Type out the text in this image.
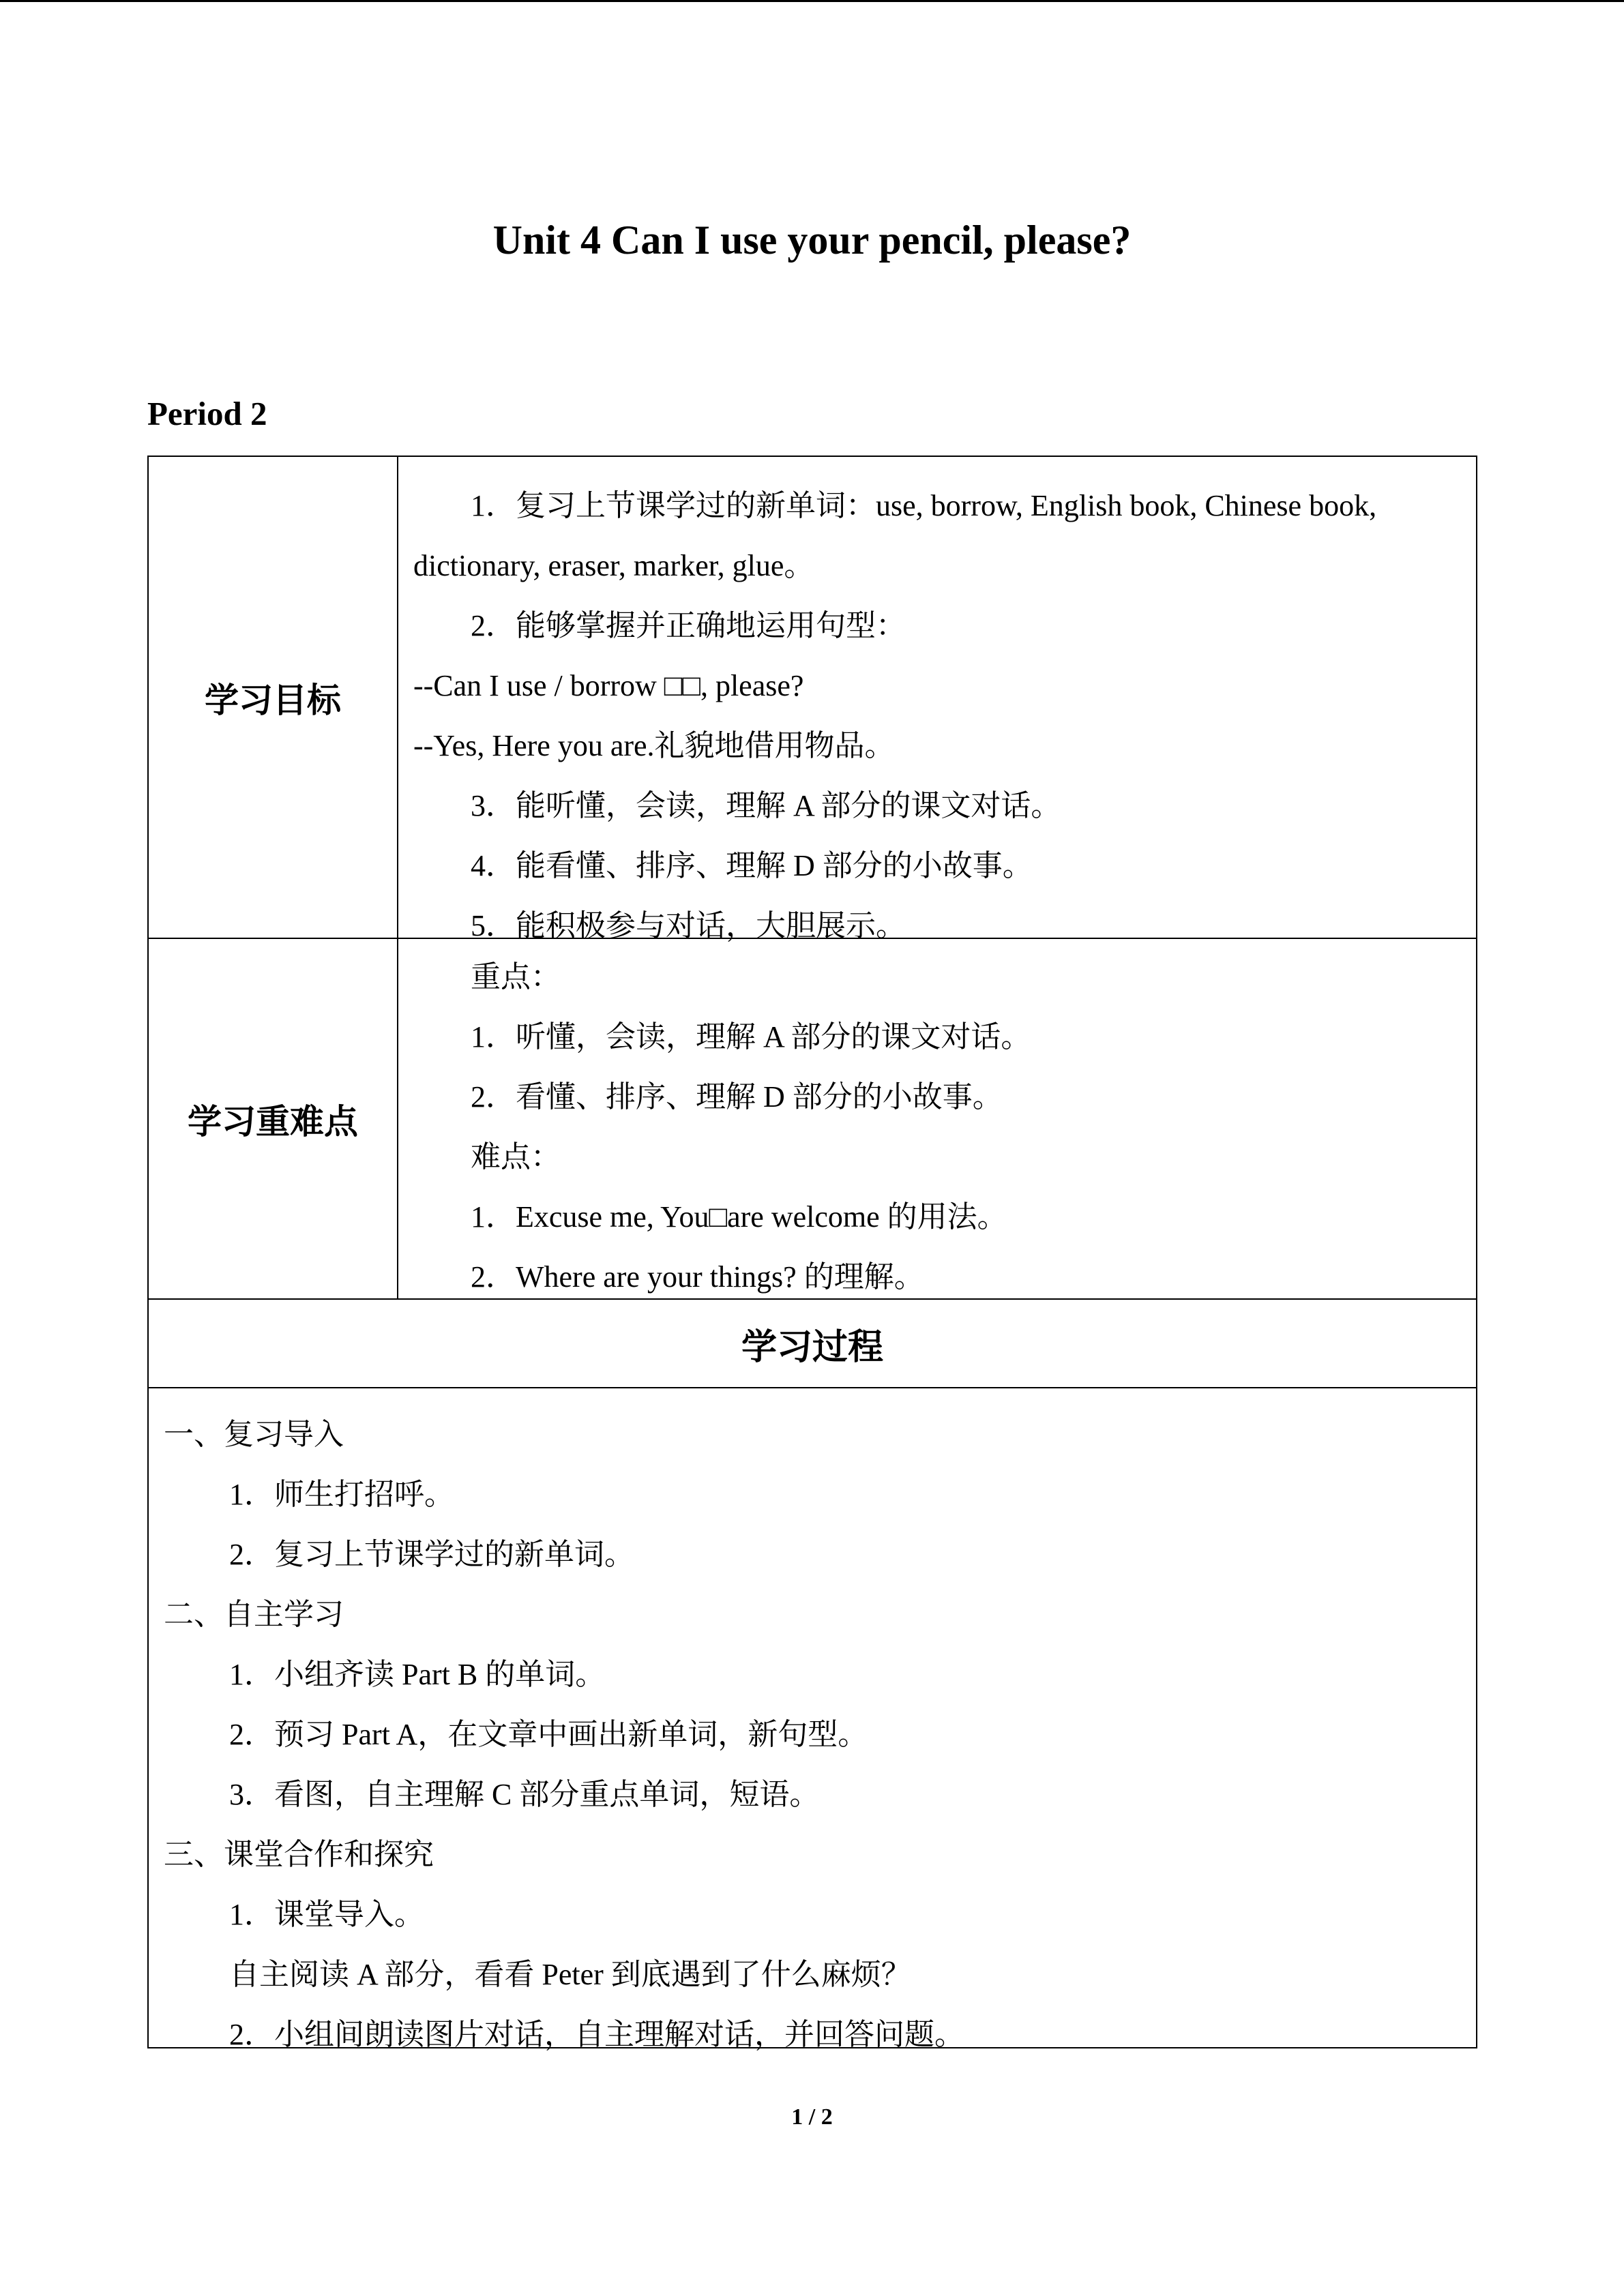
Unit 4 Can I use your pencil, please?
Period 2
学习目标
1．复习上节课学过的新单词：use, borrow, English book, Chinese book,
dictionary, eraser, marker, glue。
2．能够掌握并正确地运用句型：
--Can I use / borrow □□, please?
--Yes, Here you are.礼貌地借用物品。
3．能听懂，会读，理解 A 部分的课文对话。
4．能看懂、排序、理解 D 部分的小故事。
5．能积极参与对话，大胆展示。
学习重难点
重点：
1．听懂，会读，理解 A 部分的课文对话。
2．看懂、排序、理解 D 部分的小故事。
难点：
1．Excuse me, You□are welcome 的用法。
2．Where are your things? 的理解。
学习过程
一、复习导入
1．师生打招呼。
2．复习上节课学过的新单词。
二、自主学习
1．小组齐读 Part B 的单词。
2．预习 Part A，在文章中画出新单词，新句型。
3．看图，自主理解 C 部分重点单词，短语。
三、课堂合作和探究
1．课堂导入。
自主阅读 A 部分，看看 Peter 到底遇到了什么麻烦？
2．小组间朗读图片对话，自主理解对话，并回答问题。
1 / 2
